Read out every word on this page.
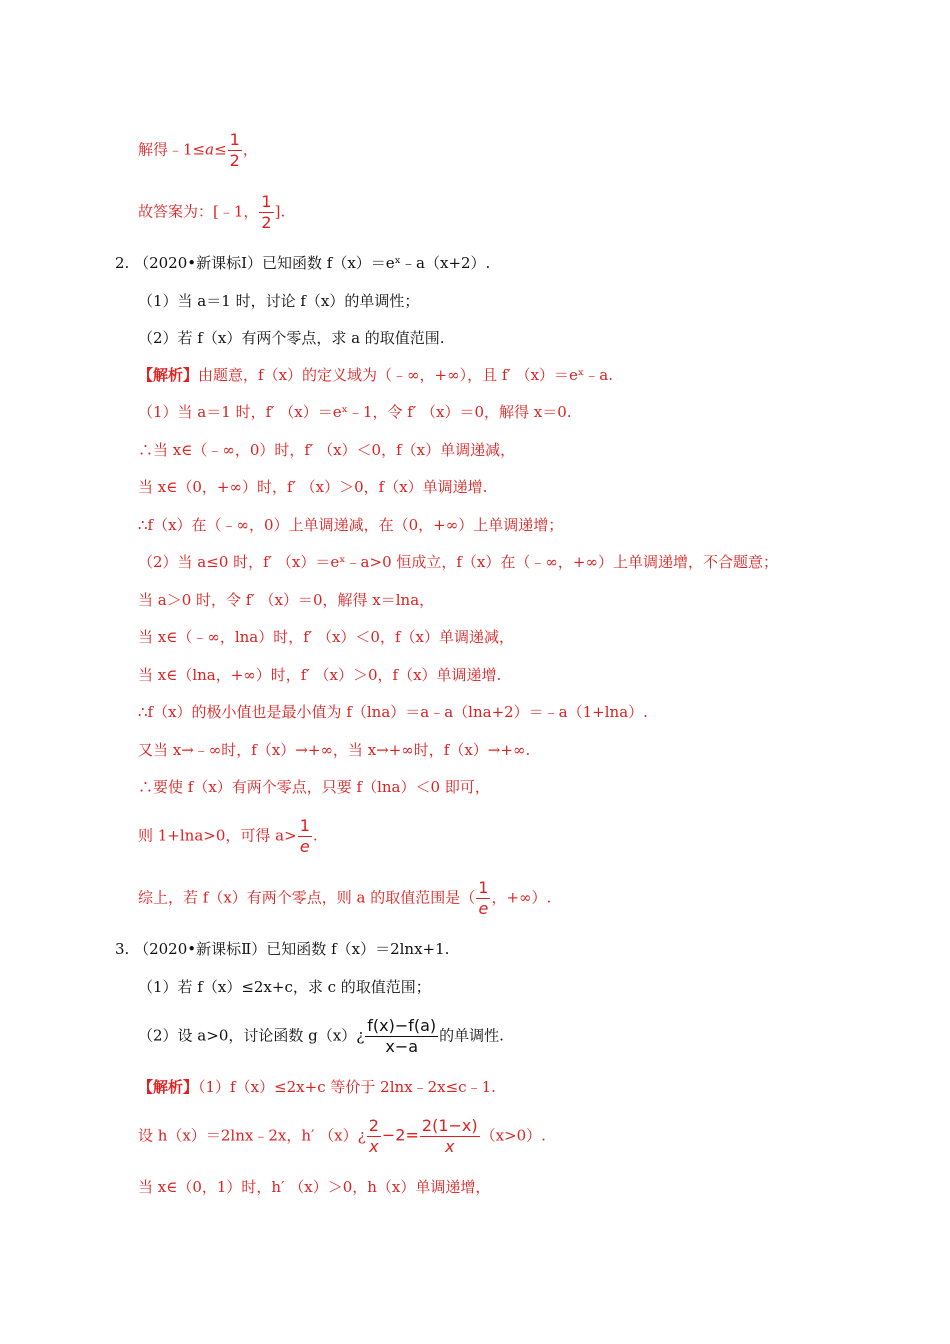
解得﹣1≤a≤ $\frac{1}{2}$ ，
故答案为：[﹣1， $\frac{1}{2}$ ].
2. （2020•新课标Ⅰ）已知函数 f（x）＝eˣ﹣a（x+2）.
（1）当 a＝1 时，讨论 f（x）的单调性；
（2）若 f（x）有两个零点，求 a 的取值范围.
【解析】由题意，f（x）的定义域为（﹣∞，+∞），且 f′ （x）＝eˣ﹣a.
（1）当 a＝1 时，f′ （x）＝eˣ﹣1，令 f′ （x）＝0，解得 x＝0.
∴当 x∈（﹣∞，0）时，f′ （x）＜0，f（x）单调递减，
当 x∈（0，+∞）时，f′ （x）＞0，f（x）单调递增.
∴f（x）在（﹣∞，0）上单调递减，在（0，+∞）上单调递增；
（2）当 a≤0 时，f′ （x）＝eˣ﹣a>0 恒成立，f（x）在（﹣∞，+∞）上单调递增，不合题意；
当 a＞0 时，令 f′ （x）＝0，解得 x＝lna，
当 x∈（﹣∞，lna）时，f′ （x）＜0，f（x）单调递减，
当 x∈（lna，+∞）时，f′ （x）＞0，f（x）单调递增.
∴f（x）的极小值也是最小值为 f（lna）＝a﹣a（lna+2）＝﹣a（1+lna）.
又当 x→﹣∞时，f（x）→+∞，当 x→+∞时，f（x）→+∞.
∴要使 f（x）有两个零点，只要 f（lna）＜0 即可，
则 1+lna>0，可得 $a> \frac{1}{e}$ .
综上，若 f（x）有两个零点，则 a 的取值范围是（ $\frac{1}{e}$ ，+∞）.
3. （2020•新课标Ⅱ）已知函数 f（x）＝2lnx+1.
（1）若 f（x）≤2x+c，求 c 的取值范围；
（2）设 a>0，讨论函数 g（x）¿ $\frac{f(x)-f(a)}{x-a}$ 的单调性.
【解析】（1）f（x）≤2x+c 等价于 2lnx﹣2x≤c﹣1.
设 h（x）＝2lnx﹣2x，h′ （x）¿ $\frac{2}{x} -2= \frac{2(1-x)}{x} (x>0)$.
当 x∈（0，1）时，h′ （x）＞0，h（x）单调递增，
